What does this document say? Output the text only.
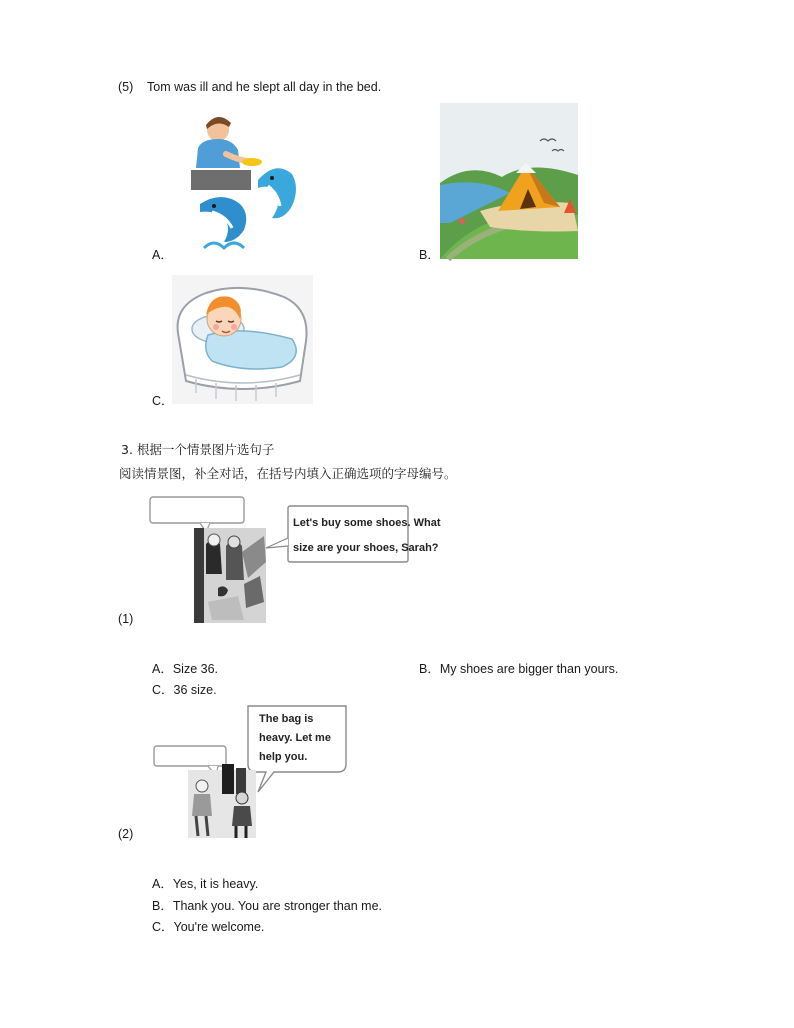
(5) Tom was ill and he slept all day in the bed.
A．	B．
C．
3. 根据一个情景图片选句子
阅读情景图，补全对话，在括号内填入正确选项的字母编号。
Let's buy some shoes. What
size are your shoes, Sarah?
(1)
A．Size 36.	B．My shoes are bigger than yours.
C．36 size.
The bag is
heavy. Let me
help you.
(2)
A．Yes, it is heavy.
B．Thank you. You are stronger than me.
C．You're welcome.
